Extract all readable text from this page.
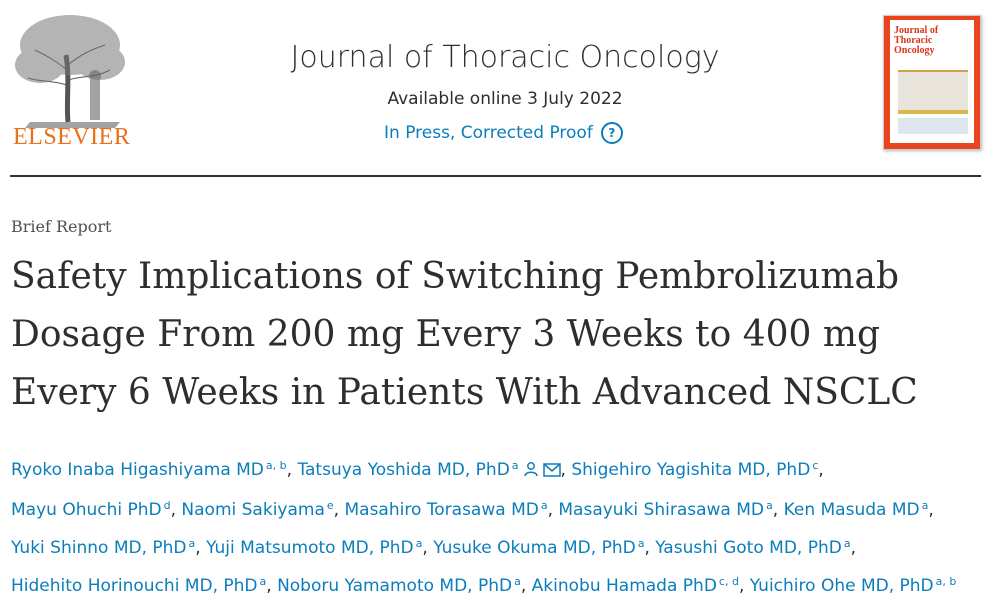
ELSEVIER
Journal of Thoracic Oncology
Available online 3 July 2022
In Press, Corrected Proof	?
Journal of Thoracic Oncology
Brief Report
Safety Implications of Switching Pembrolizumab Dosage From 200 mg Every 3 Weeks to 400 mg Every 6 Weeks in Patients With Advanced NSCLC
Ryoko Inaba Higashiyama MD $^{a, b}$, Tatsuya Yoshida MD, PhD $^a$ , Shigehiro Yagishita MD, PhD $^c$, Mayu Ohuchi PhD $^d$, Naomi Sakiyama $^e$, Masahiro Torasawa MD $^a$, Masayuki Shirasawa MD $^a$, Ken Masuda MD $^a$, Yuki Shinno MD, PhD $^a$, Yuji Matsumoto MD, PhD $^a$, Yusuke Okuma MD, PhD $^a$, Yasushi Goto MD, PhD $^a$, Hidehito Horinouchi MD, PhD $^a$, Noboru Yamamoto MD, PhD $^a$, Akinobu Hamada PhD $^{c, d}$, Yuichiro Ohe MD, PhD $^{a, b}$
